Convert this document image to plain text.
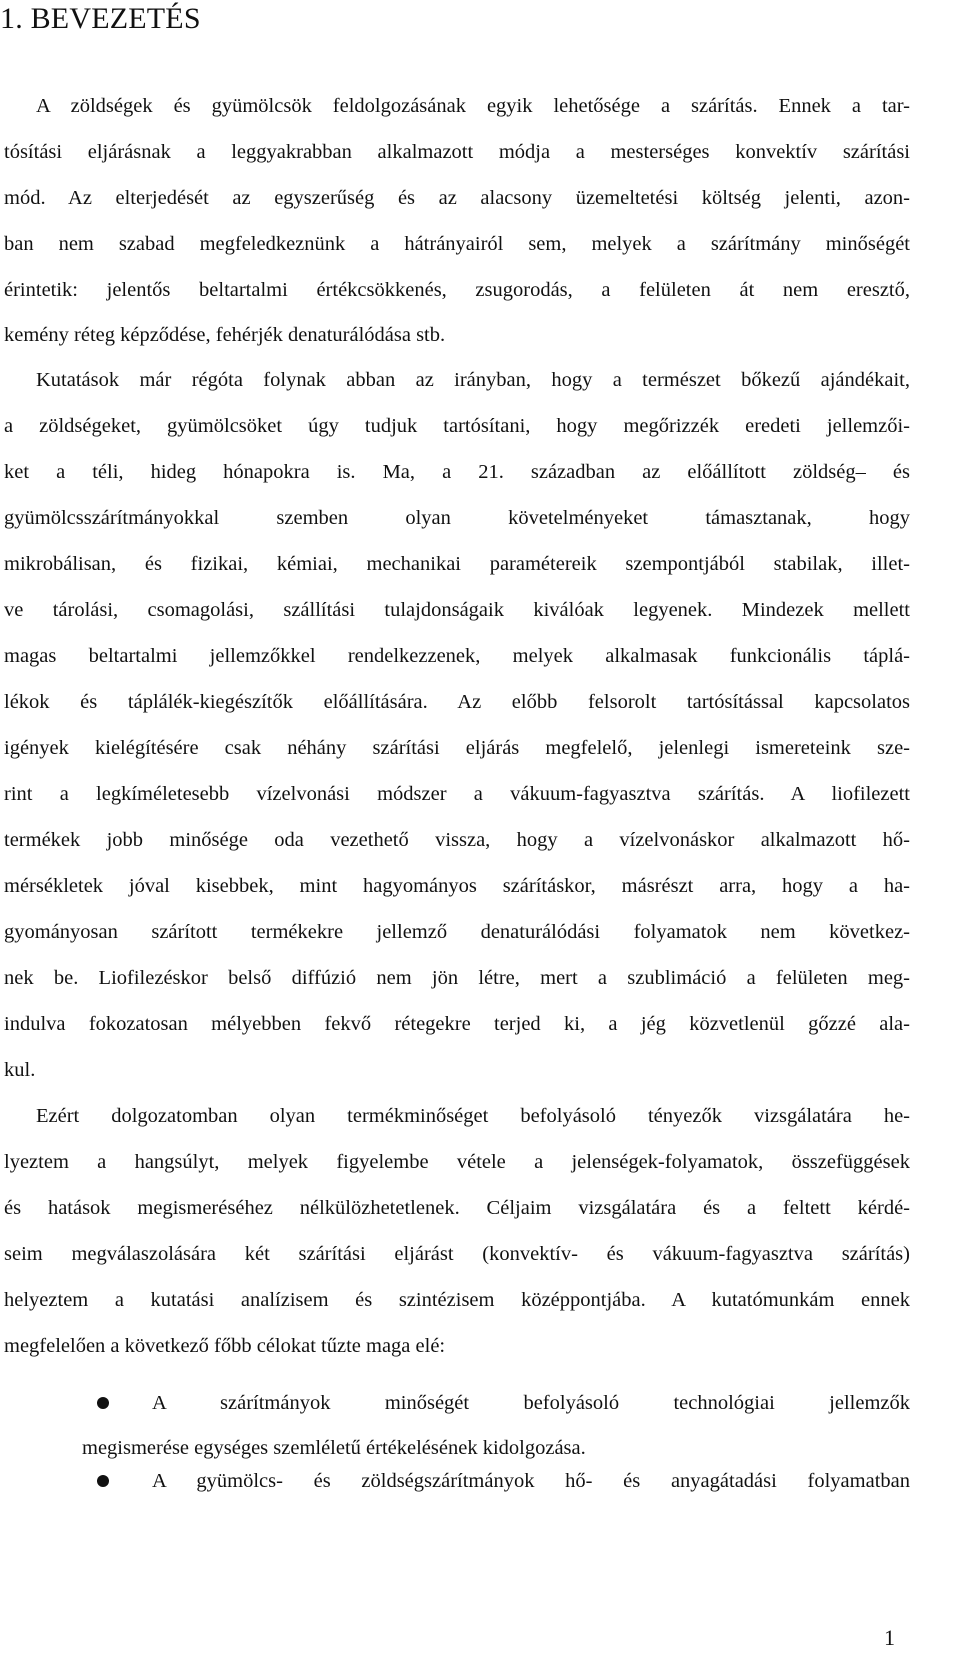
1. BEVEZETÉS
A zöldségek és gyümölcsök feldolgozásának egyik lehetősége a szárítás. Ennek a tar-
tósítási eljárásnak a leggyakrabban alkalmazott módja a mesterséges konvektív szárítási
mód. Az elterjedését az egyszerűség és az alacsony üzemeltetési költség jelenti, azon-
ban nem szabad megfeledkeznünk a hátrányairól sem, melyek a szárítmány minőségét
érintetik: jelentős beltartalmi értékcsökkenés, zsugorodás, a felületen át nem eresztő,
kemény réteg képződése, fehérjék denaturálódása stb.
Kutatások már régóta folynak abban az irányban, hogy a természet bőkezű ajándékait,
a zöldségeket, gyümölcsöket úgy tudjuk tartósítani, hogy megőrizzék eredeti jellemzői-
ket a téli, hideg hónapokra is. Ma, a 21. században az előállított zöldség– és
gyümölcsszárítmányokkal szemben olyan követelményeket támasztanak, hogy
mikrobálisan, és fizikai, kémiai, mechanikai paramétereik szempontjából stabilak, illet-
ve tárolási, csomagolási, szállítási tulajdonságaik kiválóak legyenek. Mindezek mellett
magas beltartalmi jellemzőkkel rendelkezzenek, melyek alkalmasak funkcionális táplá-
lékok és táplálék-kiegészítők előállítására. Az előbb felsorolt tartósítással kapcsolatos
igények kielégítésére csak néhány szárítási eljárás megfelelő, jelenlegi ismereteink sze-
rint a legkíméletesebb vízelvonási módszer a vákuum-fagyasztva szárítás. A liofilezett
termékek jobb minősége oda vezethető vissza, hogy a vízelvonáskor alkalmazott hő-
mérsékletek jóval kisebbek, mint hagyományos szárításkor, másrészt arra, hogy a ha-
gyományosan szárított termékekre jellemző denaturálódási folyamatok nem következ-
nek be. Liofilezéskor belső diffúzió nem jön létre, mert a szublimáció a felületen meg-
indulva fokozatosan mélyebben fekvő rétegekre terjed ki, a jég közvetlenül gőzzé ala-
kul.
Ezért dolgozatomban olyan termékminőséget befolyásoló tényezők vizsgálatára he-
lyeztem a hangsúlyt, melyek figyelembe vétele a jelenségek-folyamatok, összefüggések
és hatások megismeréséhez nélkülözhetetlenek. Céljaim vizsgálatára és a feltett kérdé-
seim megválaszolására két szárítási eljárást (konvektív- és vákuum-fagyasztva szárítás)
helyeztem a kutatási analízisem és szintézisem középpontjába. A kutatómunkám ennek
megfelelően a következő főbb célokat tűzte maga elé:
A szárítmányok minőségét befolyásoló technológiai jellemzők
megismerése egységes szemléletű értékelésének kidolgozása.
A gyümölcs- és zöldségszárítmányok hő- és anyagátadási folyamatban
1
